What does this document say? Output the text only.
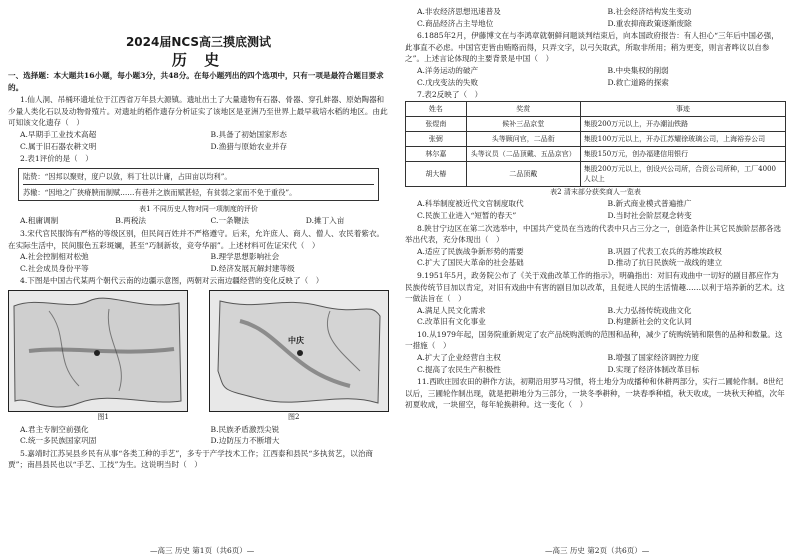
2024届NCS高三摸底测试
历 史

一、选择题：本大题共16小题，每小题3分，共48分。在每小题列出的四个选项中，只有一项是最符合题目要求的。

1.仙人洞、吊桶环遗址位于江西省万年县大源镇。遗址出土了大量遗物有石器、骨器、穿孔蚌器、原始陶器和少量人类化石以及动物骨殖片。对遗址的稻作遗存分析证实了该地区是亚洲乃至世界上最早栽培水稻的地区。由此可知该文化遗存（　）

A.早期手工业技术高超	B.具备了初始国家形态
C.属于旧石器农耕文明	D.渔猎与原始农业并存

2.表1评价的是（　）

陆贽：“因邦以聚财，度户以敛，料丁壮以计庸，占田亩以均利”。

苏辙：“因地之广狭瘠腴而制赋……有巷并之族而赋甚轻，有贫弱之家而不免于重役”。

表1 不同历史人物对同一项制度的评价
A.租庸调制	B.两税法	C.一条鞭法	D.摊丁入亩

3.宋代官民服饰有严格的等级区别，但民间百姓并不严格遵守。后来，允许庶人、商人、僧人、农民着紫衣。在实际生活中，民间服色五彩斑斓，甚至“巧制新妆，竞夸华丽”。上述材料可佐证宋代（　）

A.社会控制相对松弛	B.理学思想影响社会
C.社会成员身份平等	D.经济发展瓦解封建等级

4.下图是中国古代某两个朝代云南的边疆示意图，两朝对云南边疆经营的变化反映了（　）

中庆
图1	图2
A.君主专制空前强化	B.民族矛盾激烈尖锐
C.统一多民族国家巩固	D.边防压力不断增大

5.嘉靖时江苏吴县乡民有从事“各类工种的手艺”，多专于产学技术工作；江西泰和县民“多执贫艺，以治商贾”；南昌县民也以“手艺、工技”为生。这说明当时（　）

—高三 历史 第1页（共6页）—
A.非农经济思想迅速普及	B.社会经济结构发生变动
C.商品经济占主导地位	D.重农抑商政策逐渐废除

6.1885年2月，伊藤博文在与李鸿章就朝鲜问题谈判结束后，向本国政府报告：有人担心“三年后中国必强，此事直不必虑。中国官吏皆由贿赂而得，只弄文字，以弓矢取武，所取非所用；稍为更变，则言者哗议以自参之”。上述言论体现的主要背景是中国（　）

A.洋务运动的破产	B.中央集权的削弱
C.戊戌变法的失败	D.救亡道路的探索

7.表2反映了（　）

姓名	奖赏	事迹
张煜南	候补三品京堂	集股200万元以上，开办潮汕铁路
张弼	头等顾问官，二品衔	集股100万元以上，开办江苏耀徐玻璃公司，上海裕券公司
林尔嘉	头等议员（二品顶戴、五品京官）	集股150万元，创办福建信用银行
胡大椿	二品顶戴	集股200万元以上，创设兴公司所，合资公司所种，工厂4000人以上
表2 清末部分获奖商人一览表
A.科举制度被近代文官制度取代	B.新式商业模式普遍推广
C.民族工业进入“短暂的春天”	D.当时社会阶层观念转变

8.陕甘宁边区在第二次选举中，中国共产党员在当选的代表中只占三分之一，创造条件让其它民族阶层都各选举出代表，充分体现出（　）

A.适应了民族战争新形势的需要	B.巩固了代表工农兵的苏维埃政权
C.扩大了国民大革命的社会基础	D.推动了抗日民族统一战线的建立

9.1951年5月，政务院公布了《关于戏曲改革工作的指示》，明确指出：对旧有戏曲中一切好的剧目都应作为民族传统节目加以肯定，对旧有戏曲中有害的剧目加以改革，且促进人民的生活情趣……以利于培养新的艺术。这一做法旨在（　）

A.满足人民文化需求	B.大力弘扬传统戏曲文化
C.改革旧有文化事业	D.构建新社会的文化认同

10.从1979年起，国务院重新规定了农产品统购派购的范围和品种，减少了统购统销和限售的品种和数量。这一措施（　）

A.扩大了企业经营自主权	B.增强了国家经济调控力度
C.提高了农民生产积极性	D.实现了经济体制改革目标

11.西欧庄园农田的耕作方法，初期沿用罗马习惯，将土地分为成播种和休耕两部分，实行二圃轮作制。8世纪以后，三圃轮作制出现，就是把耕地分为三部分，一块冬季耕种，一块春季种植，秋天收成，一块秋天种植，次年初夏收成，一块留空，每年轮换耕种。这一变化（　）

—高三 历史 第2页（共6页）—
